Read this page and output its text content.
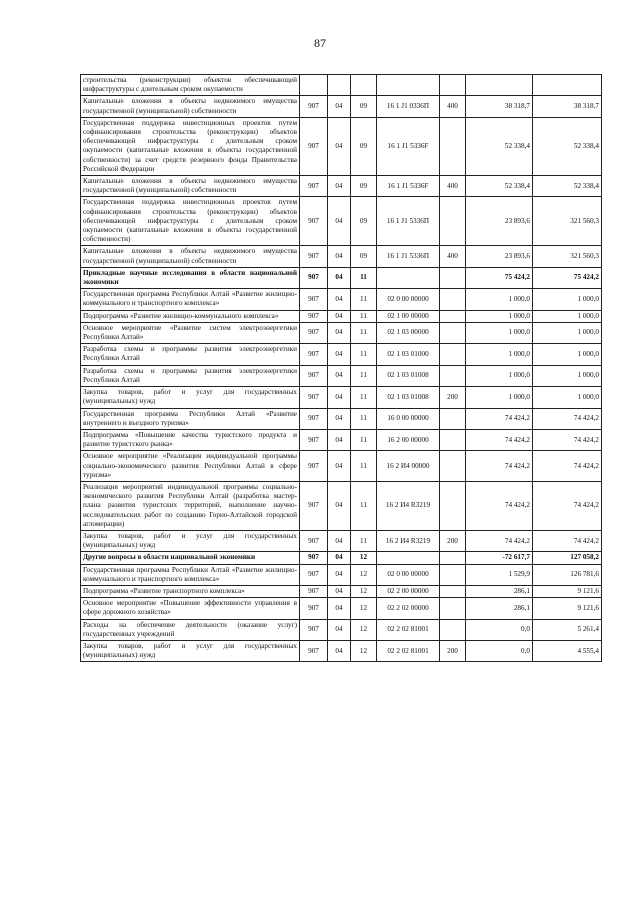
87
строительства (реконструкции) объектов обеспечивающей инфраструктуры с длительным сроком окупаемости							
Капитальные вложения в объекты недвижимого имущества государственной (муниципальной) собственности	907	04	09	16 1 J1 0336П	400	38 318,7	38 318,7
Государственная поддержка инвестиционных проектов путем софинансирования строительства (реконструкции) объектов обеспечивающей инфраструктуры с длительным сроком окупаемости (капитальные вложения в объекты государственной собственности) за счет средств резервного фонда Правительства Российской Федерации	907	04	09	16 1 J1 5336F		52 338,4	52 338,4
Капитальные вложения в объекты недвижимого имущества государственной (муниципальной) собственности	907	04	09	16 1 J1 5336F	400	52 338,4	52 338,4
Государственная поддержка инвестиционных проектов путем софинансирования строительства (реконструкции) объектов обеспечивающей инфраструктуры с длительным сроком окупаемости (капитальные вложения в объекты государственной собственности)	907	04	09	16 1 J1 5336П		23 893,6	321 560,3
Капитальные вложения в объекты недвижимого имущества государственной (муниципальной) собственности	907	04	09	16 1 J1 5336П	400	23 893,6	321 560,3
Прикладные научные исследования в области национальной экономики	907	04	11			75 424,2	75 424,2
Государственная программа Республики Алтай «Развитие жилищно-коммунального и транспортного комплекса»	907	04	11	02 0 00 00000		1 000,0	1 000,0
Подпрограмма «Развитие жилищно-коммунального комплекса»	907	04	11	02 1 00 00000		1 000,0	1 000,0
Основное мероприятие «Развитие систем электроэнергетики Республики Алтай»	907	04	11	02 1 03 00000		1 000,0	1 000,0
Разработка схемы и программы развития электроэнергетики Республики Алтай	907	04	11	02 1 03 01000		1 000,0	1 000,0
Разработка схемы и программы развития электроэнергетики Республики Алтай	907	04	11	02 1 03 01008		1 000,0	1 000,0
Закупка товаров, работ и услуг для государственных (муниципальных) нужд	907	04	11	02 1 03 01008	200	1 000,0	1 000,0
Государственная программа Республики Алтай «Развитие внутреннего и въездного туризма»	907	04	11	16 0 00 00000		74 424,2	74 424,2
Подпрограмма «Повышение качества туристского продукта и развитие туристского рынка»	907	04	11	16 2 00 00000		74 424,2	74 424,2
Основное мероприятие «Реализация индивидуальной программы социально-экономического развития Республики Алтай в сфере туризма»	907	04	11	16 2 И4 00000		74 424,2	74 424,2
Реализация мероприятий индивидуальной программы социально-экономического развития Республики Алтай (разработка мастер-плана развития туристских территорий, выполнение научно-исследовательских работ по созданию Горно-Алтайской городской агломерации)	907	04	11	16 2 И4 R3219		74 424,2	74 424,2
Закупка товаров, работ и услуг для государственных (муниципальных) нужд	907	04	11	16 2 И4 R3219	200	74 424,2	74 424,2
Другие вопросы в области национальной экономики	907	04	12			-72 617,7	127 058,2
Государственная программа Республики Алтай «Развитие жилищно-коммунального и транспортного комплекса»	907	04	12	02 0 00 00000		1 529,9	126 781,6
Подпрограмма «Развитие транспортного комплекса»	907	04	12	02 2 00 00000		286,1	9 121,6
Основное мероприятие «Повышение эффективности управления в сфере дорожного хозяйства»	907	04	12	02 2 02 00000		286,1	9 121,6
Расходы на обеспечение деятельности (оказание услуг) государственных учреждений	907	04	12	02 2 02 81001		0,0	5 261,4
Закупка товаров, работ и услуг для государственных (муниципальных) нужд	907	04	12	02 2 02 81001	200	0,0	4 555,4
